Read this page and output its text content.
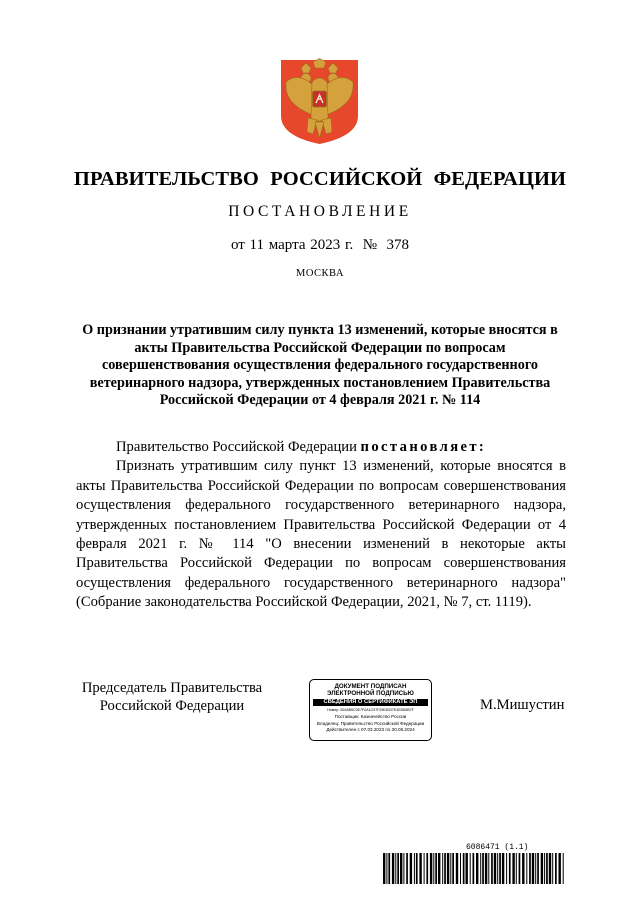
ПРАВИТЕЛЬСТВО РОССИЙСКОЙ ФЕДЕРАЦИИ
ПОСТАНОВЛЕНИЕ
от 11 марта 2023 г.  №  378
МОСКВА
О признании утратившим силу пункта 13 изменений, которые вносятся в акты Правительства Российской Федерации по вопросам совершенствования осуществления федерального государственного ветеринарного надзора, утвержденных постановлением Правительства Российской Федерации от 4 февраля 2021 г. № 114

Правительство Российской Федерации постановляет:

Признать утратившим силу пункт 13 изменений, которые вносятся в акты Правительства Российской Федерации по вопросам совершенствования осуществления федерального государственного ветеринарного надзора, утвержденных постановлением Правительства Российской Федерации от 4 февраля 2021 г. № 114 "О внесении изменений в некоторые акты Правительства Российской Федерации по вопросам совершенствования осуществления федерального государственного ветеринарного надзора" (Собрание законодательства Российской Федерации, 2021, № 7, ст. 1119).

Председатель Правительства
Российской Федерации
ДОКУМЕНТ ПОДПИСАН
ЭЛЕКТРОННОЙ ПОДПИСЬЮ
СВЕДЕНИЯ О СЕРТИФИКАТЕ ЭП
Номер: 00A5B5C0E7F0A1C97F29E8337E4E5D6B7F
Поставщик: Казначейство России
Владелец: Правительство Российской Федерации
Действителен с 07.03.2023 по 30.05.2024
М.Мишустин
6086471 (1.1)
